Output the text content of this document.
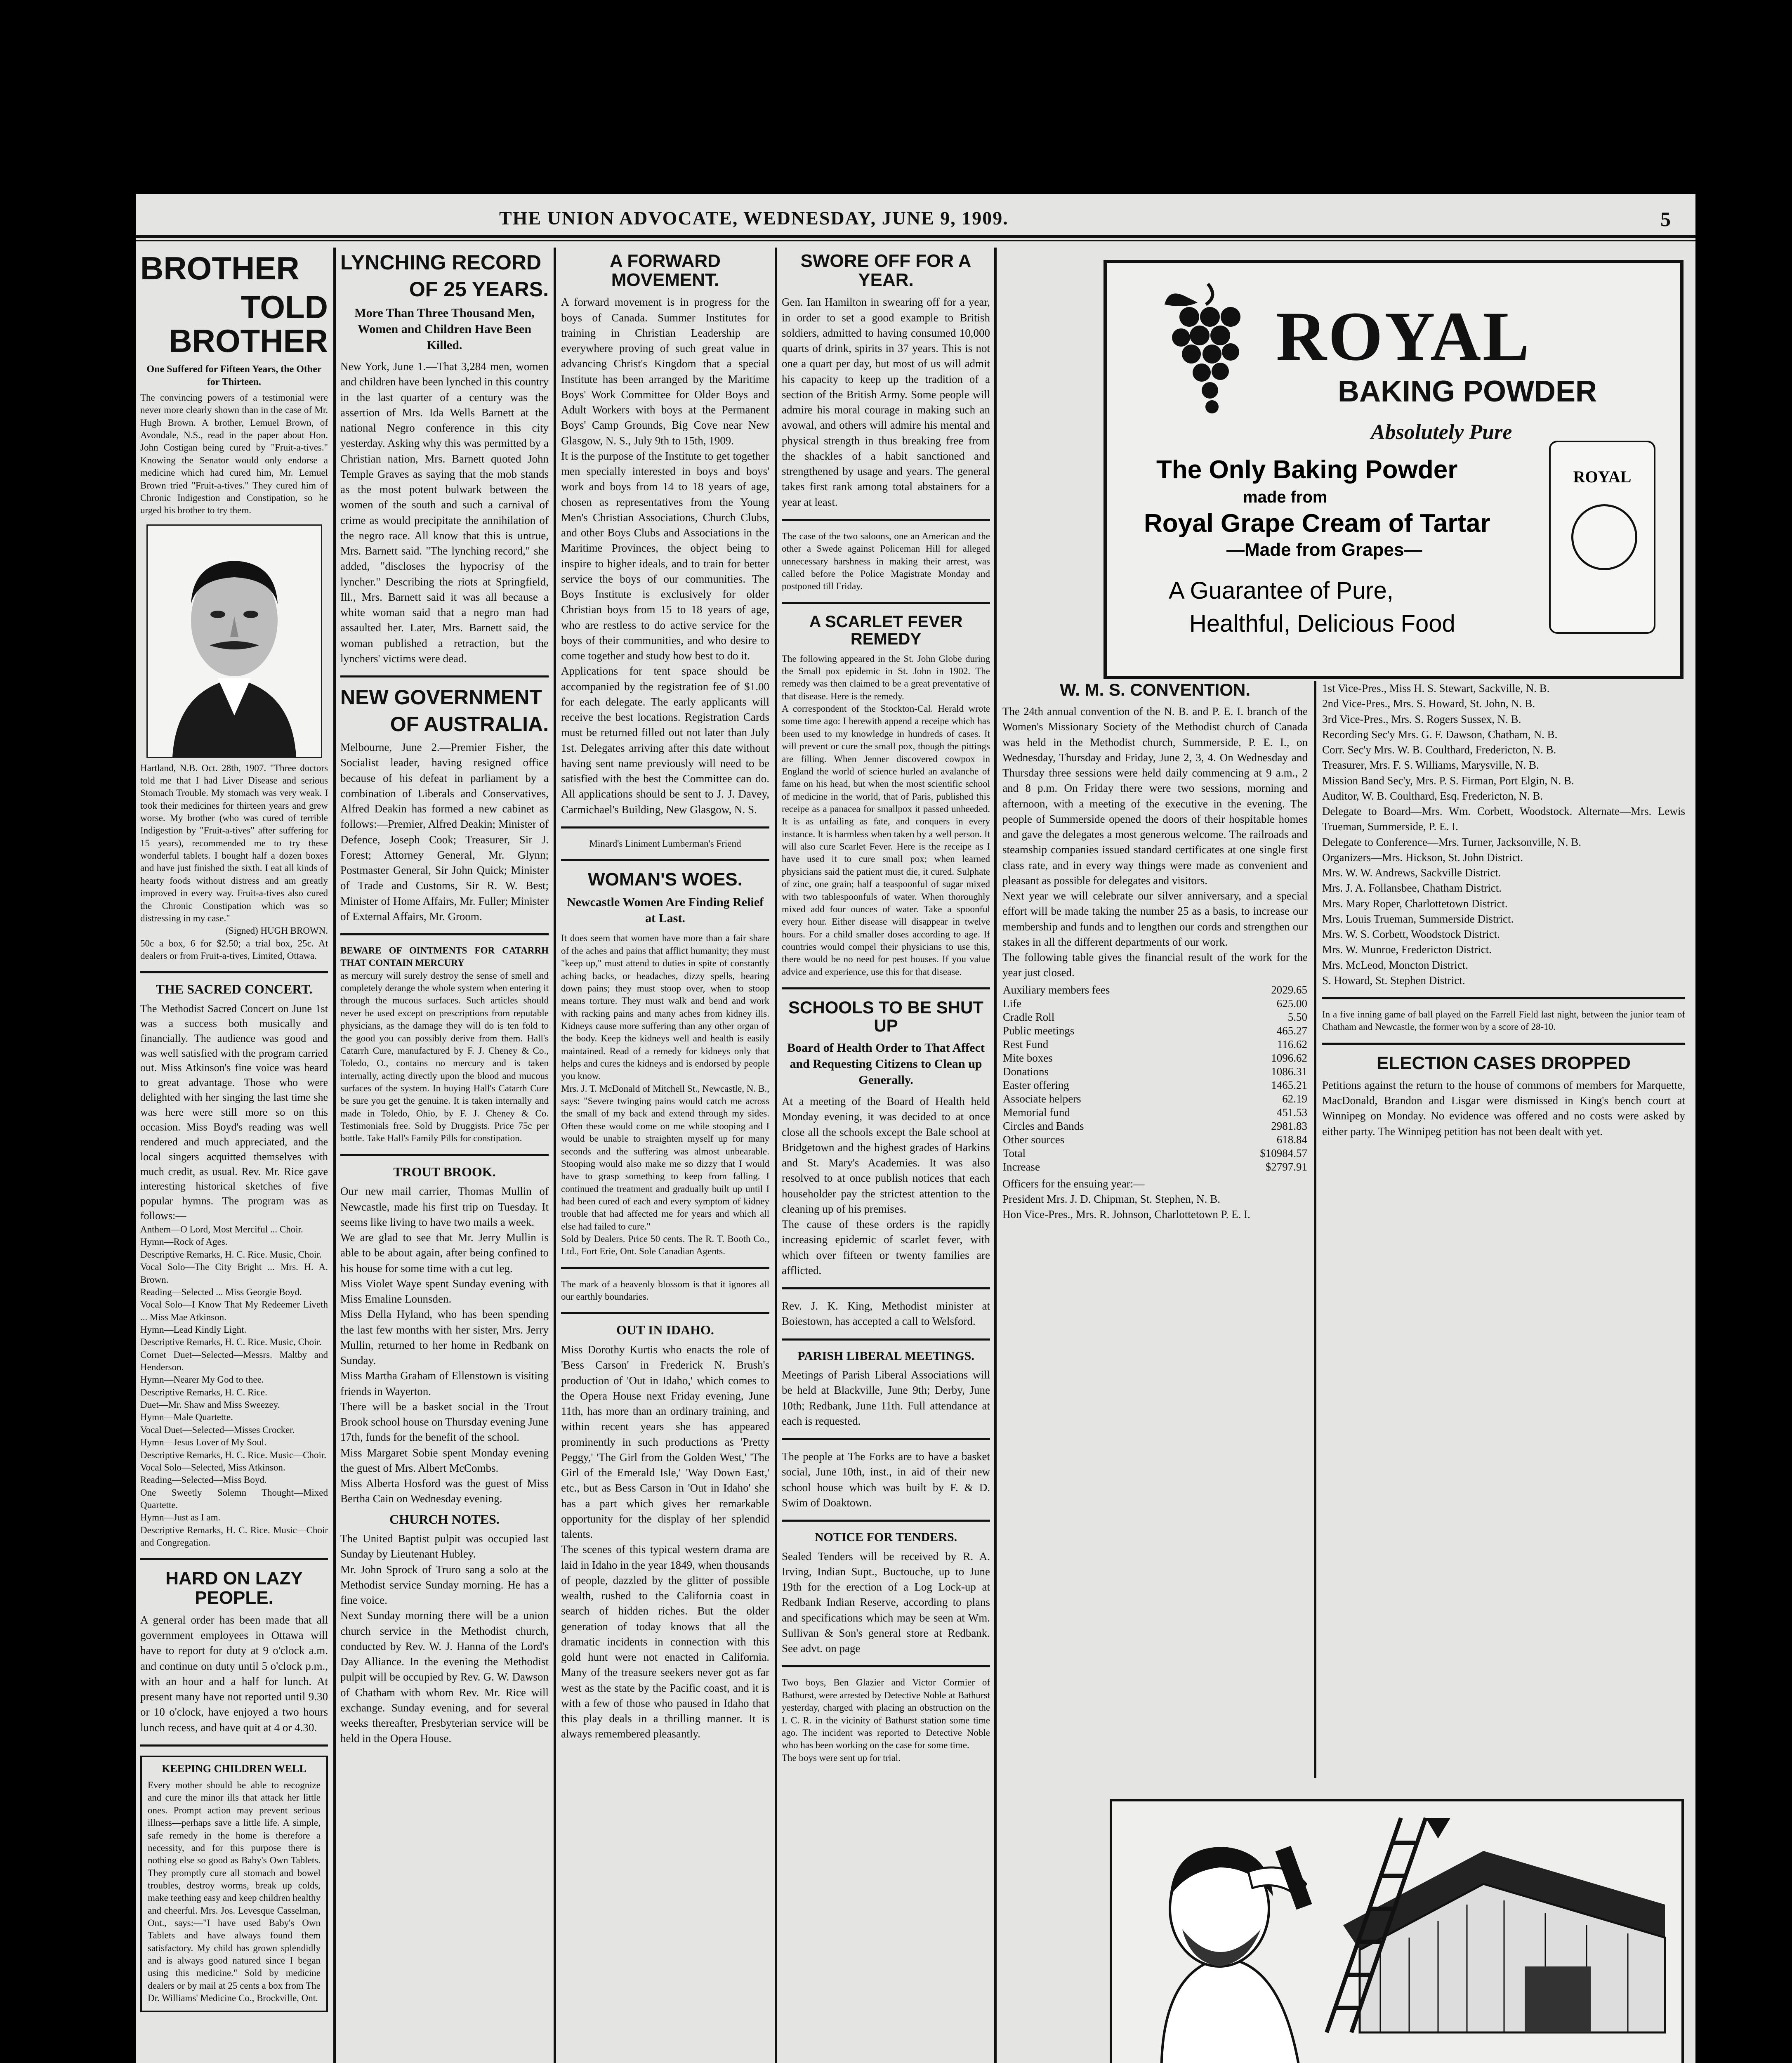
THE UNION ADVOCATE, WEDNESDAY, JUNE 9, 1909.	5
BROTHER
TOLD BROTHER
One Suffered for Fifteen Years, the Other for Thirteen.

The convincing powers of a testimonial were never more clearly shown than in the case of Mr. Hugh Brown. A brother, Lemuel Brown, of Avondale, N.S., read in the paper about Hon. John Costigan being cured by "Fruit-a-tives." Knowing the Senator would only endorse a medicine which had cured him, Mr. Lemuel Brown tried "Fruit-a-tives." They cured him of Chronic Indigestion and Constipation, so he urged his brother to try them.

Hartland, N.B. Oct. 28th, 1907. "Three doctors told me that I had Liver Disease and serious Stomach Trouble. My stomach was very weak. I took their medicines for thirteen years and grew worse. My brother (who was cured of terrible Indigestion by "Fruit-a-tives" after suffering for 15 years), recommended me to try these wonderful tablets. I bought half a dozen boxes and have just finished the sixth. I eat all kinds of hearty foods without distress and am greatly improved in every way. Fruit-a-tives also cured the Chronic Constipation which was so distressing in my case."

(Signed) HUGH BROWN.

50c a box, 6 for $2.50; a trial box, 25c. At dealers or from Fruit-a-tives, Limited, Ottawa.

THE SACRED CONCERT.

The Methodist Sacred Concert on June 1st was a success both musically and financially. The audience was good and was well satisfied with the program carried out. Miss Atkinson's fine voice was heard to great advantage. Those who were delighted with her singing the last time she was here were still more so on this occasion. Miss Boyd's reading was well rendered and much appreciated, and the local singers acquitted themselves with much credit, as usual. Rev. Mr. Rice gave interesting historical sketches of five popular hymns. The program was as follows:—

Anthem—O Lord, Most Merciful ... Choir.
Hymn—Rock of Ages.
Descriptive Remarks, H. C. Rice. Music, Choir.
Vocal Solo—The City Bright ... Mrs. H. A. Brown.
Reading—Selected ... Miss Georgie Boyd.
Vocal Solo—I Know That My Redeemer Liveth ... Miss Mae Atkinson.
Hymn—Lead Kindly Light.
Descriptive Remarks, H. C. Rice. Music, Choir.
Cornet Duet—Selected—Messrs. Maltby and Henderson.
Hymn—Nearer My God to thee.
Descriptive Remarks, H. C. Rice.
Duet—Mr. Shaw and Miss Sweezey.
Hymn—Male Quartette.
Vocal Duet—Selected—Misses Crocker.
Hymn—Jesus Lover of My Soul.
Descriptive Remarks, H. C. Rice. Music—Choir.
Vocal Solo—Selected, Miss Atkinson.
Reading—Selected—Miss Boyd.
One Sweetly Solemn Thought—Mixed Quartette.
Hymn—Just as I am.
Descriptive Remarks, H. C. Rice. Music—Choir and Congregation.

HARD ON LAZY PEOPLE.

A general order has been made that all government employees in Ottawa will have to report for duty at 9 o'clock a.m. and continue on duty until 5 o'clock p.m., with an hour and a half for lunch. At present many have not reported until 9.30 or 10 o'clock, have enjoyed a two hours lunch recess, and have quit at 4 or 4.30.

KEEPING CHILDREN WELL

Every mother should be able to recognize and cure the minor ills that attack her little ones. Prompt action may prevent serious illness—perhaps save a little life. A simple, safe remedy in the home is therefore a necessity, and for this purpose there is nothing else so good as Baby's Own Tablets. They promptly cure all stomach and bowel troubles, destroy worms, break up colds, make teething easy and keep children healthy and cheerful. Mrs. Jos. Levesque Casselman, Ont., says:—"I have used Baby's Own Tablets and have always found them satisfactory. My child has grown splendidly and is always good natured since I began using this medicine." Sold by medicine dealers or by mail at 25 cents a box from The Dr. Williams' Medicine Co., Brockville, Ont.

LYNCHING RECORD
OF 25 YEARS.
More Than Three Thousand Men, Women and Children Have Been Killed.

New York, June 1.—That 3,284 men, women and children have been lynched in this country in the last quarter of a century was the assertion of Mrs. Ida Wells Barnett at the national Negro conference in this city yesterday. Asking why this was permitted by a Christian nation, Mrs. Barnett quoted John Temple Graves as saying that the mob stands as the most potent bulwark between the women of the south and such a carnival of crime as would precipitate the annihilation of the negro race. All know that this is untrue, Mrs. Barnett said. "The lynching record," she added, "discloses the hypocrisy of the lyncher." Describing the riots at Springfield, Ill., Mrs. Barnett said it was all because a white woman said that a negro man had assaulted her. Later, Mrs. Barnett said, the woman published a retraction, but the lynchers' victims were dead.

NEW GOVERNMENT
OF AUSTRALIA.

Melbourne, June 2.—Premier Fisher, the Socialist leader, having resigned office because of his defeat in parliament by a combination of Liberals and Conservatives, Alfred Deakin has formed a new cabinet as follows:—Premier, Alfred Deakin; Minister of Defence, Joseph Cook; Treasurer, Sir J. Forest; Attorney General, Mr. Glynn; Postmaster General, Sir John Quick; Minister of Trade and Customs, Sir R. W. Best; Minister of Home Affairs, Mr. Fuller; Minister of External Affairs, Mr. Groom.

BEWARE OF OINTMENTS FOR CATARRH THAT CONTAIN MERCURY

as mercury will surely destroy the sense of smell and completely derange the whole system when entering it through the mucous surfaces. Such articles should never be used except on prescriptions from reputable physicians, as the damage they will do is ten fold to the good you can possibly derive from them. Hall's Catarrh Cure, manufactured by F. J. Cheney & Co., Toledo, O., contains no mercury and is taken internally, acting directly upon the blood and mucous surfaces of the system. In buying Hall's Catarrh Cure be sure you get the genuine. It is taken internally and made in Toledo, Ohio, by F. J. Cheney & Co. Testimonials free. Sold by Druggists. Price 75c per bottle. Take Hall's Family Pills for constipation.

TROUT BROOK.

Our new mail carrier, Thomas Mullin of Newcastle, made his first trip on Tuesday. It seems like living to have two mails a week.
We are glad to see that Mr. Jerry Mullin is able to be about again, after being confined to his house for some time with a cut leg.
Miss Violet Waye spent Sunday evening with Miss Emaline Lounsden.
Miss Della Hyland, who has been spending the last few months with her sister, Mrs. Jerry Mullin, returned to her home in Redbank on Sunday.
Miss Martha Graham of Ellenstown is visiting friends in Wayerton.
There will be a basket social in the Trout Brook school house on Thursday evening June 17th, funds for the benefit of the school.
Miss Margaret Sobie spent Monday evening the guest of Mrs. Albert McCombs.
Miss Alberta Hosford was the guest of Miss Bertha Cain on Wednesday evening.

CHURCH NOTES.

The United Baptist pulpit was occupied last Sunday by Lieutenant Hubley.
Mr. John Sprock of Truro sang a solo at the Methodist service Sunday morning. He has a fine voice.
Next Sunday morning there will be a union church service in the Methodist church, conducted by Rev. W. J. Hanna of the Lord's Day Alliance. In the evening the Methodist pulpit will be occupied by Rev. G. W. Dawson of Chatham with whom Rev. Mr. Rice will exchange. Sunday evening, and for several weeks thereafter, Presbyterian service will be held in the Opera House.

A FORWARD MOVEMENT.

A forward movement is in progress for the boys of Canada. Summer Institutes for training in Christian Leadership are everywhere proving of such great value in advancing Christ's Kingdom that a special Institute has been arranged by the Maritime Boys' Work Committee for Older Boys and Adult Workers with boys at the Permanent Boys' Camp Grounds, Big Cove near New Glasgow, N. S., July 9th to 15th, 1909.
It is the purpose of the Institute to get together men specially interested in boys and boys' work and boys from 14 to 18 years of age, chosen as representatives from the Young Men's Christian Associations, Church Clubs, and other Boys Clubs and Associations in the Maritime Provinces, the object being to inspire to higher ideals, and to train for better service the boys of our communities. The Boys Institute is exclusively for older Christian boys from 15 to 18 years of age, who are restless to do active service for the boys of their communities, and who desire to come together and study how best to do it.
Applications for tent space should be accompanied by the registration fee of $1.00 for each delegate. The early applicants will receive the best locations. Registration Cards must be returned filled out not later than July 1st. Delegates arriving after this date without having sent name previously will need to be satisfied with the best the Committee can do. All applications should be sent to J. J. Davey, Carmichael's Building, New Glasgow, N. S.

Minard's Liniment Lumberman's Friend

WOMAN'S WOES.
Newcastle Women Are Finding Relief at Last.

It does seem that women have more than a fair share of the aches and pains that afflict humanity; they must "keep up," must attend to duties in spite of constantly aching backs, or headaches, dizzy spells, bearing down pains; they must stoop over, when to stoop means torture. They must walk and bend and work with racking pains and many aches from kidney ills. Kidneys cause more suffering than any other organ of the body. Keep the kidneys well and health is easily maintained. Read of a remedy for kidneys only that helps and cures the kidneys and is endorsed by people you know.
Mrs. J. T. McDonald of Mitchell St., Newcastle, N. B., says: "Severe twinging pains would catch me across the small of my back and extend through my sides. Often these would come on me while stooping and I would be unable to straighten myself up for many seconds and the suffering was almost unbearable. Stooping would also make me so dizzy that I would have to grasp something to keep from falling. I continued the treatment and gradually built up until I had been cured of each and every symptom of kidney trouble that had affected me for years and which all else had failed to cure."
Sold by Dealers. Price 50 cents. The R. T. Booth Co., Ltd., Fort Erie, Ont. Sole Canadian Agents.

The mark of a heavenly blossom is that it ignores all our earthly boundaries.

OUT IN IDAHO.

Miss Dorothy Kurtis who enacts the role of 'Bess Carson' in Frederick N. Brush's production of 'Out in Idaho,' which comes to the Opera House next Friday evening, June 11th, has more than an ordinary training, and within recent years she has appeared prominently in such productions as 'Pretty Peggy,' 'The Girl from the Golden West,' 'The Girl of the Emerald Isle,' 'Way Down East,' etc., but as Bess Carson in 'Out in Idaho' she has a part which gives her remarkable opportunity for the display of her splendid talents.
The scenes of this typical western drama are laid in Idaho in the year 1849, when thousands of people, dazzled by the glitter of possible wealth, rushed to the California coast in search of hidden riches. But the older generation of today knows that all the dramatic incidents in connection with this gold hunt were not enacted in California. Many of the treasure seekers never got as far west as the state by the Pacific coast, and it is with a few of those who paused in Idaho that this play deals in a thrilling manner. It is always remembered pleasantly.

SWORE OFF FOR A YEAR.

Gen. Ian Hamilton in swearing off for a year, in order to set a good example to British soldiers, admitted to having consumed 10,000 quarts of drink, spirits in 37 years. This is not one a quart per day, but most of us will admit his capacity to keep up the tradition of a section of the British Army. Some people will admire his moral courage in making such an avowal, and others will admire his mental and physical strength in thus breaking free from the shackles of a habit sanctioned and strengthened by usage and years. The general takes first rank among total abstainers for a year at least.

The case of the two saloons, one an American and the other a Swede against Policeman Hill for alleged unnecessary harshness in making their arrest, was called before the Police Magistrate Monday and postponed till Friday.

A SCARLET FEVER REMEDY

The following appeared in the St. John Globe during the Small pox epidemic in St. John in 1902. The remedy was then claimed to be a great preventative of that disease. Here is the remedy.
A correspondent of the Stockton-Cal. Herald wrote some time ago: I herewith append a receipe which has been used to my knowledge in hundreds of cases. It will prevent or cure the small pox, though the pittings are filling. When Jenner discovered cowpox in England the world of science hurled an avalanche of fame on his head, but when the most scientific school of medicine in the world, that of Paris, published this receipe as a panacea for smallpox it passed unheeded. It is as unfailing as fate, and conquers in every instance. It is harmless when taken by a well person. It will also cure Scarlet Fever. Here is the receipe as I have used it to cure small pox; when learned physicians said the patient must die, it cured. Sulphate of zinc, one grain; half a teaspoonful of sugar mixed with two tablespoonfuls of water. When thoroughly mixed add four ounces of water. Take a spoonful every hour. Either disease will disappear in twelve hours. For a child smaller doses according to age. If countries would compel their physicians to use this, there would be no need for pest houses. If you value advice and experience, use this for that disease.

SCHOOLS TO BE SHUT UP
Board of Health Order to That Affect and Requesting Citizens to Clean up Generally.

At a meeting of the Board of Health held Monday evening, it was decided to at once close all the schools except the Bale school at Bridgetown and the highest grades of Harkins and St. Mary's Academies. It was also resolved to at once publish notices that each householder pay the strictest attention to the cleaning up of his premises.
The cause of these orders is the rapidly increasing epidemic of scarlet fever, with which over fifteen or twenty families are afflicted.

Rev. J. K. King, Methodist minister at Boiestown, has accepted a call to Welsford.

PARISH LIBERAL MEETINGS.

Meetings of Parish Liberal Associations will be held at Blackville, June 9th; Derby, June 10th; Redbank, June 11th. Full attendance at each is requested.

The people at The Forks are to have a basket social, June 10th, inst., in aid of their new school house which was built by F. & D. Swim of Doaktown.

NOTICE FOR TENDERS.

Sealed Tenders will be received by R. A. Irving, Indian Supt., Buctouche, up to June 19th for the erection of a Log Lock-up at Redbank Indian Reserve, according to plans and specifications which may be seen at Wm. Sullivan & Son's general store at Redbank. See advt. on page

Two boys, Ben Glazier and Victor Cormier of Bathurst, were arrested by Detective Noble at Bathurst yesterday, charged with placing an obstruction on the I. C. R. in the vicinity of Bathurst station some time ago. The incident was reported to Detective Noble who has been working on the case for some time.
The boys were sent up for trial.

ROYAL
BAKING POWDER
Absolutely Pure
The Only Baking Powder
made from
Royal Grape Cream of Tartar
—Made from Grapes—
A Guarantee of Pure,
Healthful, Delicious Food
ROYAL
W. M. S. CONVENTION.

The 24th annual convention of the N. B. and P. E. I. branch of the Women's Missionary Society of the Methodist church of Canada was held in the Methodist church, Summerside, P. E. I., on Wednesday, Thursday and Friday, June 2, 3, 4. On Wednesday and Thursday three sessions were held daily commencing at 9 a.m., 2 and 8 p.m. On Friday there were two sessions, morning and afternoon, with a meeting of the executive in the evening. The people of Summerside opened the doors of their hospitable homes and gave the delegates a most generous welcome. The railroads and steamship companies issued standard certificates at one single first class rate, and in every way things were made as convenient and pleasant as possible for delegates and visitors.
Next year we will celebrate our silver anniversary, and a special effort will be made taking the number 25 as a basis, to increase our membership and funds and to lengthen our cords and strengthen our stakes in all the different departments of our work.
The following table gives the financial result of the work for the year just closed.

Auxiliary members fees	2029.65
Life	625.00
Cradle Roll	5.50
Public meetings	465.27
Rest Fund	116.62
Mite boxes	1096.62
Donations	1086.31
Easter offering	1465.21
Associate helpers	62.19
Memorial fund	451.53
Circles and Bands	2981.83
Other sources	618.84
Total	$10984.57
Increase	$2797.91

Officers for the ensuing year:—
President Mrs. J. D. Chipman, St. Stephen, N. B.
Hon Vice-Pres., Mrs. R. Johnson, Charlottetown P. E. I.

1st Vice-Pres., Miss H. S. Stewart, Sackville, N. B.
2nd Vice-Pres., Mrs. S. Howard, St. John, N. B.
3rd Vice-Pres., Mrs. S. Rogers Sussex, N. B.
Recording Sec'y Mrs. G. F. Dawson, Chatham, N. B.
Corr. Sec'y Mrs. W. B. Coulthard, Fredericton, N. B.
Treasurer, Mrs. F. S. Williams, Marysville, N. B.
Mission Band Sec'y, Mrs. P. S. Firman, Port Elgin, N. B.
Auditor, W. B. Coulthard, Esq. Fredericton, N. B.
Delegate to Board—Mrs. Wm. Corbett, Woodstock. Alternate—Mrs. Lewis Trueman, Summerside, P. E. I.
Delegate to Conference—Mrs. Turner, Jacksonville, N. B.
Organizers—Mrs. Hickson, St. John District.
Mrs. W. W. Andrews, Sackville District.
Mrs. J. A. Follansbee, Chatham District.
Mrs. Mary Roper, Charlottetown District.
Mrs. Louis Trueman, Summerside District.
Mrs. W. S. Corbett, Woodstock District.
Mrs. W. Munroe, Fredericton District.
Mrs. McLeod, Moncton District.
S. Howard, St. Stephen District.

In a five inning game of ball played on the Farrell Field last night, between the junior team of Chatham and Newcastle, the former won by a score of 28-10.

ELECTION CASES DROPPED

Petitions against the return to the house of commons of members for Marquette, MacDonald, Brandon and Lisgar were dismissed in King's bench court at Winnipeg on Monday. No evidence was offered and no costs were asked by either party. The Winnipeg petition has not been dealt with yet.
